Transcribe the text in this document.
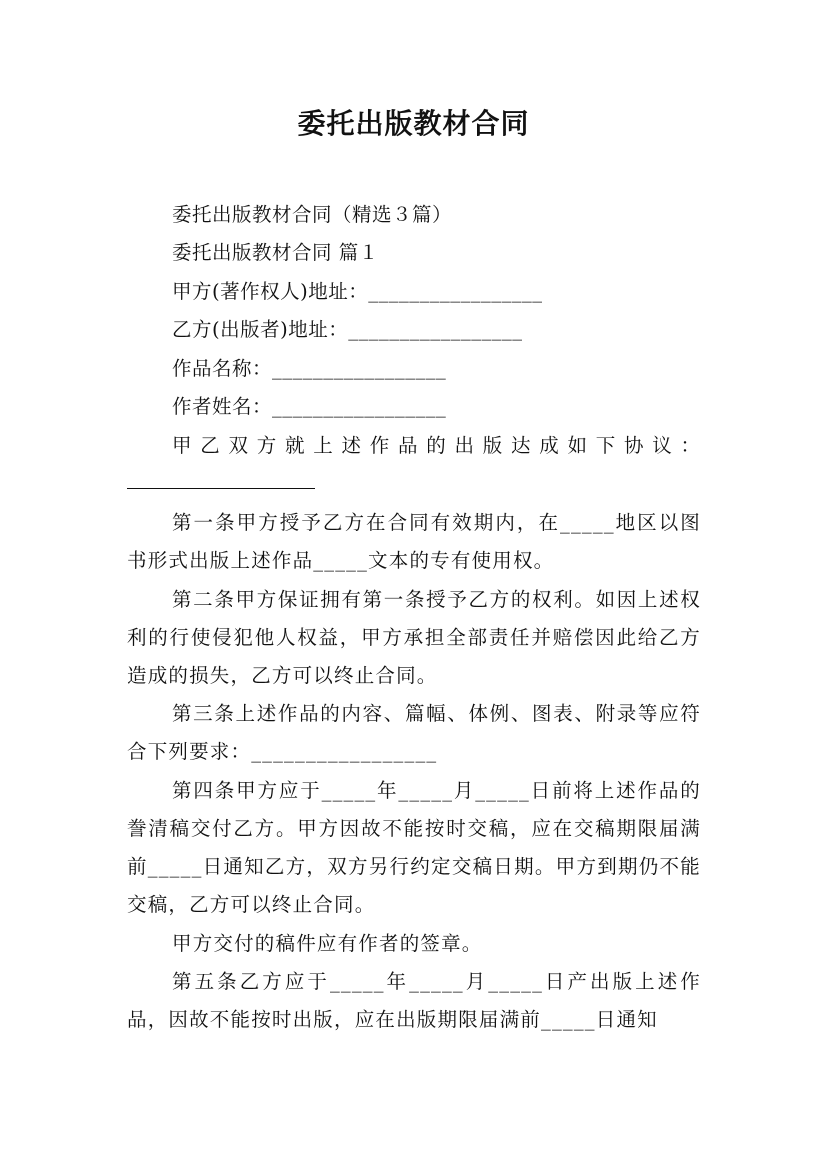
委托出版教材合同
委托出版教材合同（精选３篇）
委托出版教材合同 篇１
甲方(著作权人)地址：_________________
乙方(出版者)地址：_________________
作品名称：_________________
作者姓名：_________________
甲 乙 双 方 就 上 述 作 品 的 出 版 达 成 如 下 协 议 ：
第一条甲方授予乙方在合同有效期内，在_____地区以图书形式出版上述作品_____文本的专有使用权。
第二条甲方保证拥有第一条授予乙方的权利。如因上述权利的行使侵犯他人权益，甲方承担全部责任并赔偿因此给乙方造成的损失，乙方可以终止合同。
第三条上述作品的内容、篇幅、体例、图表、附录等应符合下列要求：_________________
第四条甲方应于_____年_____月_____日前将上述作品的誊清稿交付乙方。甲方因故不能按时交稿，应在交稿期限届满前_____日通知乙方，双方另行约定交稿日期。甲方到期仍不能交稿，乙方可以终止合同。
甲方交付的稿件应有作者的签章。
第五条乙方应于_____年_____月_____日产出版上述作品，因故不能按时出版，应在出版期限届满前_____日通知
